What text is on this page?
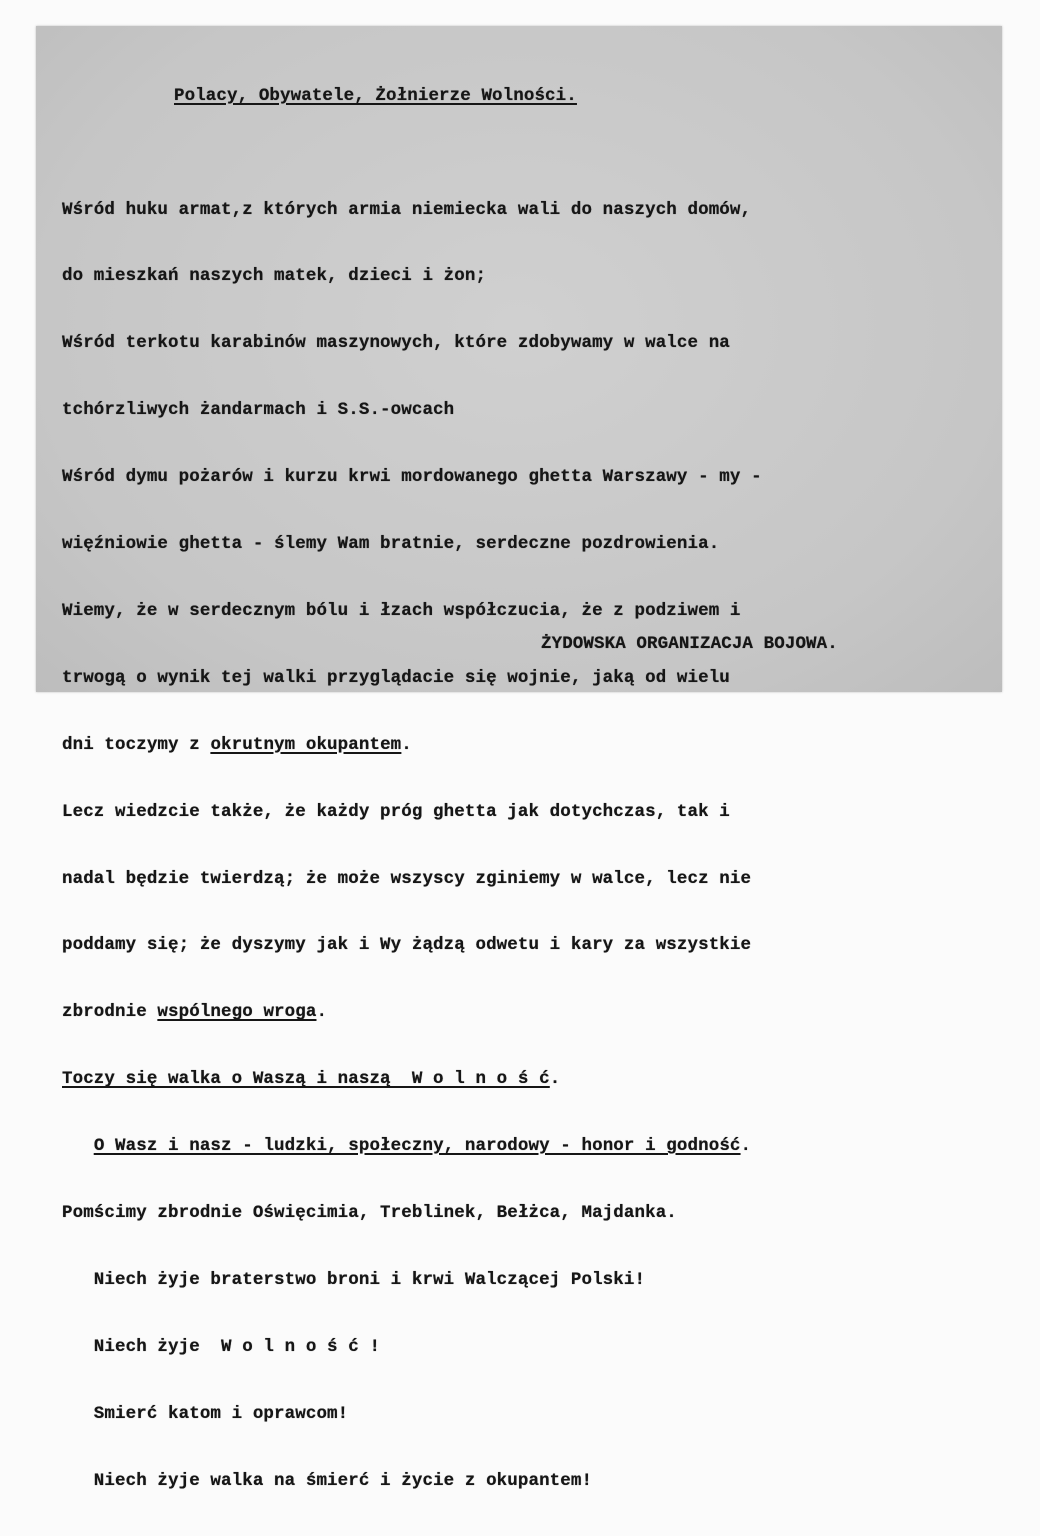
Polacy, Obywatele, Żołnierze Wolności.

Wśród huku armat,z których armia niemiecka wali do naszych domów,

do mieszkań naszych matek, dzieci i żon;

Wśród terkotu karabinów maszynowych, które zdobywamy w walce na

tchórzliwych żandarmach i S.S.-owcach

Wśród dymu pożarów i kurzu krwi mordowanego ghetta Warszawy - my -

więźniowie ghetta - ślemy Wam bratnie, serdeczne pozdrowienia.

Wiemy, że w serdecznym bólu i łzach współczucia, że z podziwem i

trwogą o wynik tej walki przyglądacie się wojnie, jaką od wielu

dni toczymy z okrutnym okupantem.

Lecz wiedzcie także, że każdy próg ghetta jak dotychczas, tak i

nadal będzie twierdzą; że może wszyscy zginiemy w walce, lecz nie

poddamy się; że dyszymy jak i Wy żądzą odwetu i kary za wszystkie

zbrodnie wspólnego wroga.

Toczy się walka o Waszą i naszą  W o l n o ś ć.

O Wasz i nasz - ludzki, społeczny, narodowy - honor i godność.

Pomścimy zbrodnie Oświęcimia, Treblinek, Bełżca, Majdanka.

Niech żyje braterstwo broni i krwi Walczącej Polski!

Niech żyje  W o l n o ś ć !

Smierć katom i oprawcom!

Niech żyje walka na śmierć i życie z okupantem!

ŻYDOWSKA ORGANIZACJA BOJOWA.
